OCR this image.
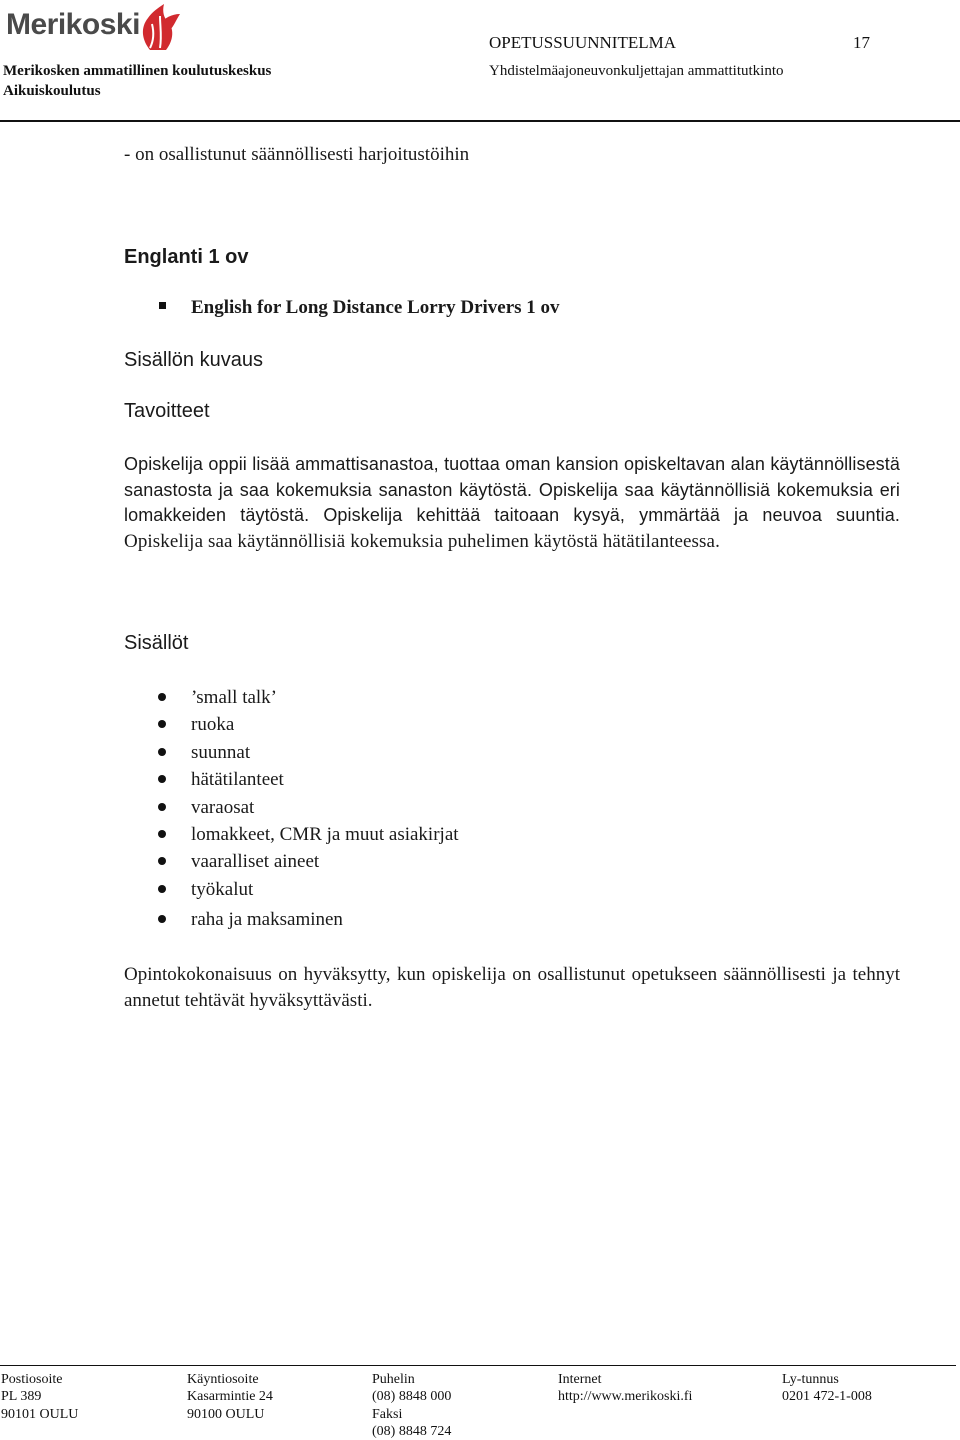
Merikoski
Merikosken ammatillinen koulutuskeskus
Aikuiskoulutus
OPETUSSUUNNITELMA	17
Yhdistelmäajoneuvonkuljettajan ammattitutkinto
- on osallistunut säännöllisesti harjoitustöihin
Englanti 1 ov
English for Long Distance Lorry Drivers 1 ov
Sisällön kuvaus
Tavoitteet
Opiskelija oppii lisää ammattisanastoa, tuottaa oman kansion opiskeltavan alan käytännöllisestä sanastosta ja saa kokemuksia sanaston käytöstä. Opiskelija saa käytännöllisiä kokemuksia eri lomakkeiden täytöstä. Opiskelija kehittää taitoaan kysyä, ymmärtää ja neuvoa suuntia. Opiskelija saa käytännöllisiä kokemuksia puhelimen käytöstä hätätilanteessa.
Sisällöt
’small talk’
ruoka
suunnat
hätätilanteet
varaosat
lomakkeet, CMR ja muut asiakirjat
vaaralliset aineet
työkalut
raha ja maksaminen
Opintokokonaisuus on hyväksytty, kun opiskelija on osallistunut opetukseen säännöllisesti ja tehnyt annetut tehtävät hyväksyttävästi.
Postiosoite
PL 389
90101 OULU
Käyntiosoite
Kasarmintie 24
90100 OULU
Puhelin
(08) 8848 000
Faksi
(08) 8848 724
Internet
http://www.merikoski.fi
Ly-tunnus
0201 472-1-008
